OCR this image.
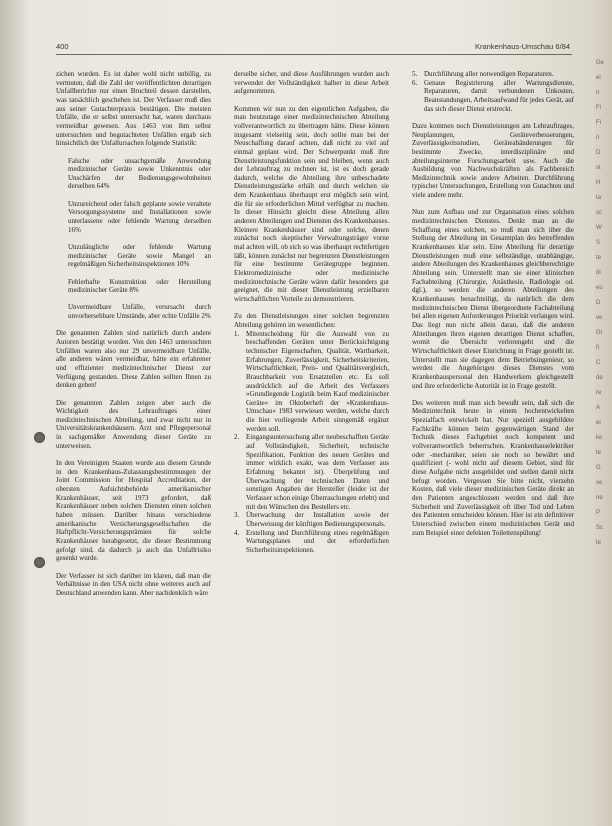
400	Krankenhaus-Umschau 6/84

zichen wurden. Es ist daher wohl nicht unbillig, zu vermuten, daß die Zahl der veröffentlichten derartigen Unfallberichte nur einen Bruchteil dessen darstellen, was tatsächlich geschehen ist. Der Verfasser muß dies aus seiner Gutachterpraxis bestätigen. Die meisten Unfälle, die er selbst untersucht hat, waren durchaus vermeidbar gewesen. Aus 1463 von ihm selbst untersuchten und begutachteten Unfällen ergab sich hinsichtlich der Unfallursachen folgende Statistik:

Falsche oder unsachgemäße Anwendung medizinischer Geräte sowie Unkenntnis oder Unschärfen der Bedienungsgewohnheiten derselben 64%

Unzureichend oder falsch geplante sowie veraltete Versorgungssysteme und Installationen sowie unterlassene oder fehlende Wartung derselben 16%

Unzulängliche oder fehlende Wartung medizinischer Geräte sowie Mangel an regelmäßigen Sicherheitsinspektionen 10%

Fehlerhafte Konstruktion oder Herstellung medizinischer Geräte 8%

Unvermeidbare Unfälle, verursacht durch unvorhersehbare Umstände, aber echte Unfälle 2%

Die genannten Zahlen sind natürlich durch andere Autoren bestätigt worden. Von den 1463 untersuchten Unfällen waren also nur 29 unvermeidbare Unfälle, alle anderen wären vermeidbar, hätte ein erfahrener und effizienter medizintechnischer Dienst zur Verfügung gestanden. Diese Zahlen sollten Ihnen zu denken geben!

Die genannten Zahlen zeigen aber auch die Wichtigkeit des Lehrauftrages einer medizintechnischen Abteilung, und zwar nicht nur in Universitätskrankenhäusern. Arzt und Pflegepersonal in sachgemäßer Anwendung dieser Geräte zu unterweisen.

In den Vereinigten Staaten wurde aus diesem Grunde in den Krankenhaus-Zulassungsbestimmungen der Joint Commission for Hospital Accreditation, der obersten Aufsichtsbehörde amerikanischer Krankenhäuser, seit 1973 gefordert, daß Krankenhäuser neben solchen Diensten einen solchen haben müssen. Darüber hinaus verschiedene amerikanische Versicherungsgesellschaften die Haftpflicht-Versicherungsprämien für solche Krankenhäuser herabgesetzt, die dieser Bestimmung gefolgt sind, da dadurch ja auch das Unfallrisiko gesenkt wurde.

Der Verfasser ist sich darüber im klaren, daß man die Verhältnisse in den USA nicht ohne weiteres auch auf Deutschland anwenden kann. Aber nachdenklich wäre

derselbe sicher, und diese Ausführungen wurden auch verwendet der Vollständigkeit halber in diese Arbeit aufgenommen.

Kommen wir nun zu den eigentlichen Aufgaben, die man heutzutage einer medizintechnischen Abteilung vollverantwortlich zu übertragen hätte. Diese können insgesamt vielseitig sein, doch sollte man bei der Neuschaffung darauf achten, daß nicht zu viel auf einmal geplant wird. Der Schwerpunkt muß ihre Dienstleistungsfunktion sein und bleiben, wenn auch der Lehrauftrag zu rechnen ist, ist es doch gerade dadurch, welche die Abteilung ihre unbeschadete Dienstleistungsstärke erhält und durch welchen sie dem Krankenhaus überhaupt erst möglich sein wird, die für sie erforderlichen Mittel verfügbar zu machen. In dieser Hinsicht gleicht diese Abteilung allen anderen Abteilungen und Diensten des Krankenhauses. Kleinere Krankenhäuser sind oder solche, denen zunächst noch skeptischer Verwaltungsträger vorne mal achten will, ob sich so was überhaupt rechtfertigen läßt, können zunächst nur begrenzten Dienstleistungen für eine bestimmte Gerätegruppe beginnen. Elektromedizinische oder medizinische medizintechnische Geräte wären dafür besonders gut geeignet, die mit dieser Dienstleistung erzielbaren wirtschaftlichen Vorteile zu demonstrieren.

Zu den Dienstleistungen einer solchen begrenzten Abteilung gehören im wesentlichen:

1. Mitentscheidung für die Auswahl von zu beschaffenden Geräten unter Berücksichtigung technischer Eigenschaften, Qualität, Wartbarkeit, Erfahrungen, Zuverlässigkeit, Sicherheitskriterien, Wirtschaftlichkeit, Preis- und Qualitätsvergleich, Brauchbarkeit von Ersatzteilen etc. Es soll ausdrücklich auf die Arbeit des Verfassers »Grundlegende Logistik beim Kauf medizinischer Geräte« im Oktoberheft der »Krankenhaus-Umschau« 1983 verwiesen werden, welche durch die hier vorliegende Arbeit sinngemäß ergänzt werden soll.
2. Eingangsuntersuchung aller neubeschafften Geräte auf Vollständigkeit, Sicherheit, technische Spezifikation, Funktion des neuen Gerätes und immer wirklich exakt, was dem Verfasser aus Erfahrung bekannt ist). Überprüfung und Überwachung der technischen Daten und sonstigen Angaben der Hersteller (leider ist der Verfasser schon einige Überraschungen erlebt) und mit den Wünschen des Bestellers etc.
3. Überwachung der Installation sowie der Überweisung der künftigen Bedienungspersonals.
4. Erstellung und Durchführung eines regelmäßigen Wartungsplanes und der erforderlichen Sicherheitsinspektionen.
5. Durchführung aller notwendigen Reparaturen.
6. Genaue Registrierung aller Wartungsdienste, Reparaturen, damit verbundenen Unkosten, Beanstandungen, Arbeitsaufwand für jedes Gerät, auf das sich dieser Dienst erstreckt.

Dazu kommen noch Dienstleistungen am Lehrauftrages, Neuplanungen, Geräteverbesserungen, Zuverlässigkeitsstudien, Geräteabänderungen für bestimmte Zwecke, interdisziplinäre und abteilungsinterne Forschungsarbeit usw. Auch die Ausbildung von Nachwuchskräften als Fachbereich Medizintechnik sowie andere Arbeiten. Durchführung typischer Untersuchungen, Erstellung von Gutachten und viele andere mehr.

Nun zum Aufbau und zur Organisation eines solchen medizintechnischen Dienstes. Denkt man an die Schaffung eines solchen, so muß man sich über die Stellung der Abteilung im Gesamtplan des betreffenden Krankenhauses klar sein. Eine Abteilung für derartige Dienstleistungen muß eine selbständige, unabhängige, andere Abteilungen des Krankenhauses gleichberechtigte Abteilung sein. Unterstellt man sie einer klinischen Fachabteilung (Chirurgie, Anästhesie, Radiologie od. dgl.), so werden die anderen Abteilungen des Krankenhauses benachteiligt, da natürlich die dem medizintechnischen Dienst übergeordnete Fachabteilung bei allen eigenen Anforderungen Priorität verlangen wird. Das liegt nun nicht allein daran, daß die anderen Abteilungen ihren eigenen derartigen Dienst schaffen, womit die Übersicht verlorengeht und die Wirtschaftlichkeit dieser Einrichtung in Frage gestellt ist. Unterstellt man sie dagegen dem Betriebsingenieur, so werden die Angehörigen dieses Dienstes vom Krankenhauspersonal den Handwerkern gleichgestellt und ihre erforderliche Autorität ist in Frage gestellt.

Des weiteren muß man sich bewußt sein, daß sich die Medizintechnik heute in einem hochentwickelten Spezialfach entwickelt hat. Nur speziell ausgebildete Fachkräfte können beim gegenwärtigen Stand der Technik dieses Fachgebiet noch kompetent und vollverantwortlich beherrschen. Krankenhauselektriker oder -mechaniker, seien sie noch so bewährt und qualifiziert (- wohl nicht auf diesem Gebiet, sind für diese Aufgabe nicht ausgebildet und stellen damit nicht befugt worden. Vergessen Sie bitte nicht, vierzehn Kosten, daß viele dieser medizinischen Geräte direkt an den Patienten angeschlossen werden und daß ihre Sicherheit und Zuverlässigkeit oft über Tod und Leben des Patienten entscheiden können. Hier ist ein definitiver Unterschied zwischen einem medizinischen Gerät und zum Beispiel einer defekten Toilettenspülung!

Ge
ei
ri
Fi
Fi
ri
D
st
H
ta
sc
W
S
te
di
eu
D
ve
Gl
fi
C
de
re
A
ei
ke
te
G
se
ne
P
Sc
te
